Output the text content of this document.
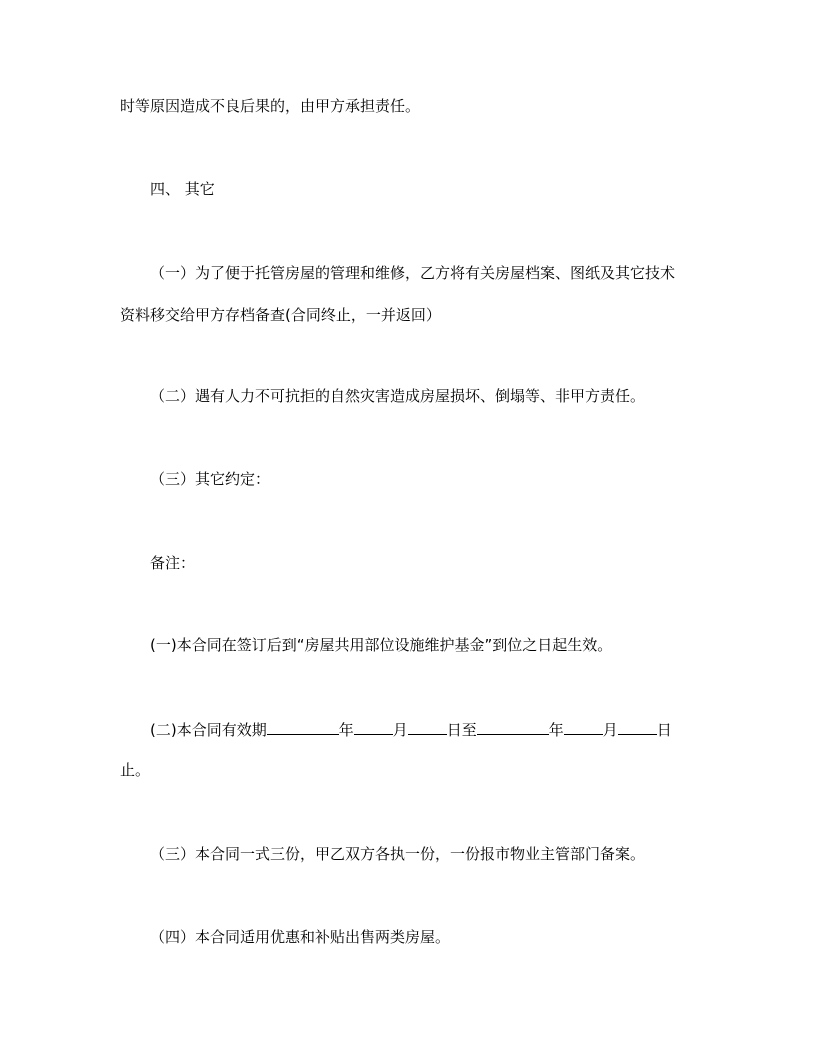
时等原因造成不良后果的，由甲方承担责任。
四、 其它
（一）为了便于托管房屋的管理和维修，乙方将有关房屋档案、图纸及其它技术
资料移交给甲方存档备查(合同终止，一并返回）
（二）遇有人力不可抗拒的自然灾害造成房屋损坏、倒塌等、非甲方责任。
（三）其它约定：
备注：
(一)本合同在签订后到“房屋共用部位设施维护基金”到位之日起生效。
(二)本合同有效期	年	月	日至	年	月	日
止。
（三）本合同一式三份，甲乙双方各执一份，一份报市物业主管部门备案。
（四）本合同适用优惠和补贴出售两类房屋。
